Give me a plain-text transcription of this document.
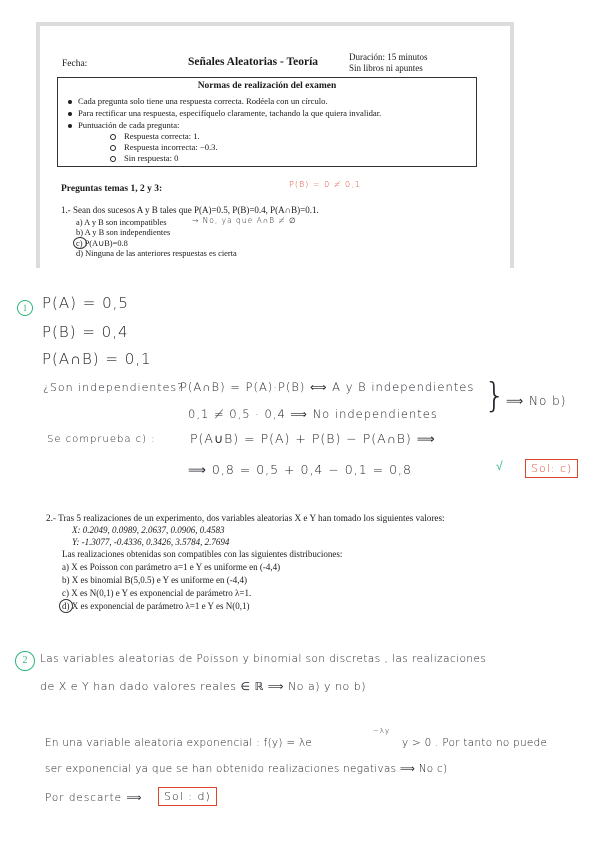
Fecha:	Señales Aleatorias - Teoría	Duración: 15 minutos
Sin libros ni apuntes
Normas de realización del examen
Cada pregunta solo tiene una respuesta correcta. Rodéela con un círculo.
Para rectificar una respuesta, especifíquelo claramente, tachando la que quiera invalidar.
Puntuación de cada pregunta:
Respuesta correcta: 1.
Respuesta incorrecta: −0.3.
Sin respuesta: 0
Preguntas temas 1, 2 y 3:	P(B) = 0 ≠ 0,1
1.- Sean dos sucesos A y B tales que P(A)=0.5, P(B)=0.4, P(A∩B)=0.1.
a) A y B son incompatibles	→ No, ya que A∩B ≠ ∅
b) A y B son independientes
c) P(A∪B)=0.8
d) Ninguna de las anteriores respuestas es cierta
1 P(A) = 0,5
P(B) = 0,4
P(A∩B) = 0,1
¿Son independientes?
P(A∩B) = P(A)·P(B) ⟺ A y B independientes
0,1 ≠ 0,5 · 0,4 ⟹ No independientes } ⟹ No b)
Se comprueba c) :	P(A∪B) = P(A) + P(B) − P(A∩B) ⟹
⟹ 0,8 = 0,5 + 0,4 − 0,1 = 0,8	√	Sol: c)
2.- Tras 5 realizaciones de un experimento, dos variables aleatorias X e Y han tomado los siguientes valores:
X: 0.2049, 0.0989, 2.0637, 0.0906, 0.4583
Y: -1.3077, -0.4336, 0.3426, 3.5784, 2.7694
Las realizaciones obtenidas son compatibles con las siguientes distribuciones:
a) X es Poisson con parámetro a=1 e Y es uniforme en (-4,4)
b) X es binomial B(5,0.5) e Y es uniforme en (-4,4)
c) X es N(0,1) e Y es exponencial de parámetro λ=1.
d) X es exponencial de parámetro λ=1 e Y es N(0,1)
2	Las variables aleatorias de Poisson y binomial son discretas , las realizaciones
de X e Y han dado valores reales ∈ ℝ ⟹ No a) y no b)
En una variable aleatoria exponencial : f(y) = λe
−λy
y > 0 . Por tanto no puede
ser exponencial ya que se han obtenido realizaciones negativas ⟹ No c)
Por descarte ⟹	Sol : d)
